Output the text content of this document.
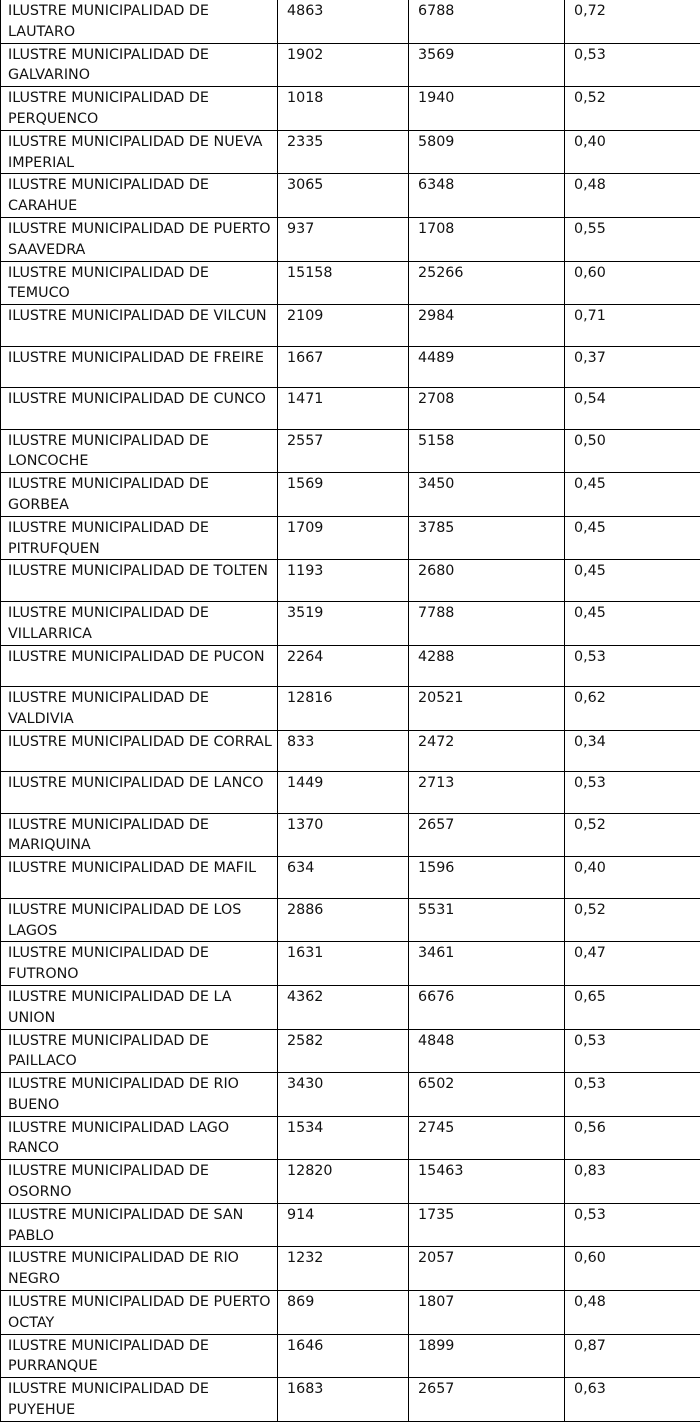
ILUSTRE MUNICIPALIDAD DE LAUTARO	4863	6788	0,72
ILUSTRE MUNICIPALIDAD DE GALVARINO	1902	3569	0,53
ILUSTRE MUNICIPALIDAD DE PERQUENCO	1018	1940	0,52
ILUSTRE MUNICIPALIDAD DE NUEVA IMPERIAL	2335	5809	0,40
ILUSTRE MUNICIPALIDAD DE CARAHUE	3065	6348	0,48
ILUSTRE MUNICIPALIDAD DE PUERTO SAAVEDRA	937	1708	0,55
ILUSTRE MUNICIPALIDAD DE TEMUCO	15158	25266	0,60
ILUSTRE MUNICIPALIDAD DE VILCUN	2109	2984	0,71
ILUSTRE MUNICIPALIDAD DE FREIRE	1667	4489	0,37
ILUSTRE MUNICIPALIDAD DE CUNCO	1471	2708	0,54
ILUSTRE MUNICIPALIDAD DE LONCOCHE	2557	5158	0,50
ILUSTRE MUNICIPALIDAD DE GORBEA	1569	3450	0,45
ILUSTRE MUNICIPALIDAD DE PITRUFQUEN	1709	3785	0,45
ILUSTRE MUNICIPALIDAD DE TOLTEN	1193	2680	0,45
ILUSTRE MUNICIPALIDAD DE VILLARRICA	3519	7788	0,45
ILUSTRE MUNICIPALIDAD DE PUCON	2264	4288	0,53
ILUSTRE MUNICIPALIDAD DE VALDIVIA	12816	20521	0,62
ILUSTRE MUNICIPALIDAD DE CORRAL	833	2472	0,34
ILUSTRE MUNICIPALIDAD DE LANCO	1449	2713	0,53
ILUSTRE MUNICIPALIDAD DE MARIQUINA	1370	2657	0,52
ILUSTRE MUNICIPALIDAD DE MAFIL	634	1596	0,40
ILUSTRE MUNICIPALIDAD DE LOS LAGOS	2886	5531	0,52
ILUSTRE MUNICIPALIDAD DE FUTRONO	1631	3461	0,47
ILUSTRE MUNICIPALIDAD DE LA UNION	4362	6676	0,65
ILUSTRE MUNICIPALIDAD DE PAILLACO	2582	4848	0,53
ILUSTRE MUNICIPALIDAD DE RIO BUENO	3430	6502	0,53
ILUSTRE MUNICIPALIDAD LAGO RANCO	1534	2745	0,56
ILUSTRE MUNICIPALIDAD DE OSORNO	12820	15463	0,83
ILUSTRE MUNICIPALIDAD DE SAN PABLO	914	1735	0,53
ILUSTRE MUNICIPALIDAD DE RIO NEGRO	1232	2057	0,60
ILUSTRE MUNICIPALIDAD DE PUERTO OCTAY	869	1807	0,48
ILUSTRE MUNICIPALIDAD DE PURRANQUE	1646	1899	0,87
ILUSTRE MUNICIPALIDAD DE PUYEHUE	1683	2657	0,63
